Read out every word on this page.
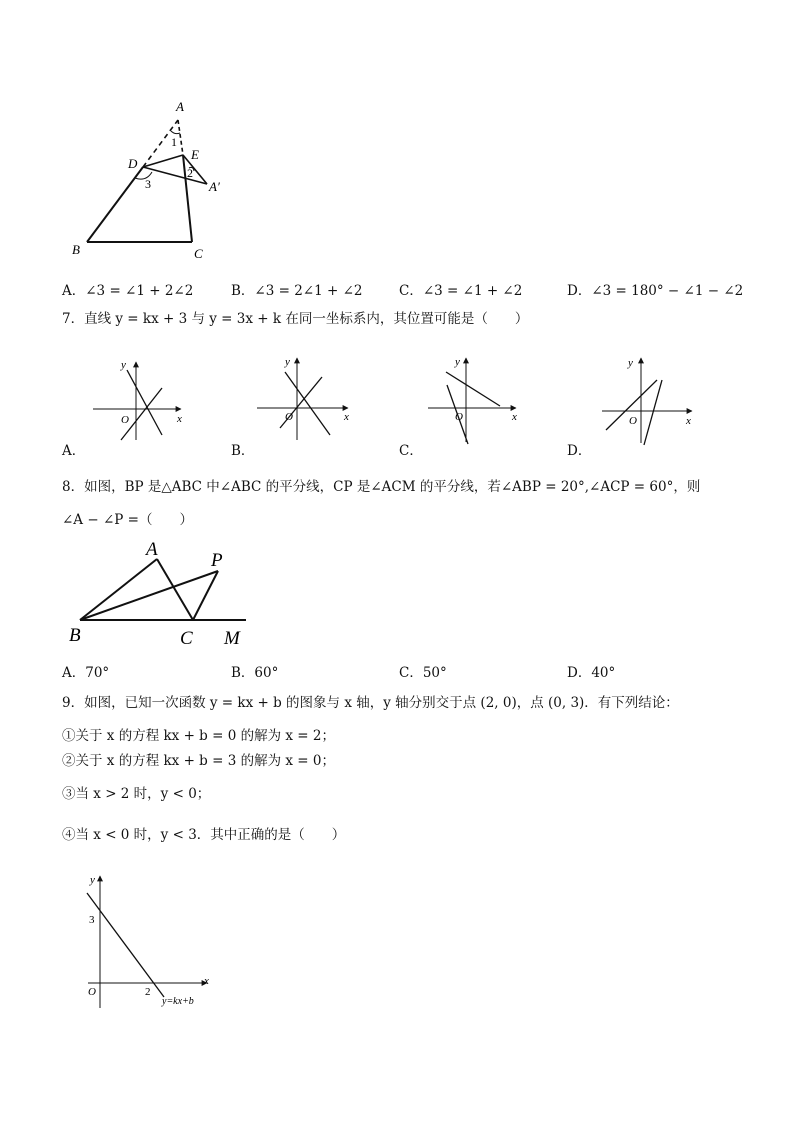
A
1
D
E
2
3	A′
B	C
A．∠3 = ∠1 + 2∠2	B．∠3 = 2∠1 + ∠2	C．∠3 = ∠1 + ∠2	D．∠3 = 180° − ∠1 − ∠2
7．直线 y = kx + 3 与 y = 3x + k 在同一坐标系内，其位置可能是（　　）
y
x
O
y
x
O
y
x
O
y
x
O
A．	B．	C．	D．
8．如图，BP 是△ABC 中∠ABC 的平分线，CP 是∠ACM 的平分线，若∠ABP = 20°,∠ACP = 60°，则
∠A − ∠P =（　　）
A
P
B	C M
A．70°	B．60°	C．50°	D．40°
9．如图，已知一次函数 y = kx + b 的图象与 x 轴，y 轴分别交于点 (2, 0)，点 (0, 3)．有下列结论：
①关于 x 的方程 kx + b = 0 的解为 x = 2；
②关于 x 的方程 kx + b = 3 的解为 x = 0；
③当 x > 2 时，y < 0；
④当 x < 0 时，y < 3．其中正确的是（　　）
y
x
3
O	2
y=kx+b
